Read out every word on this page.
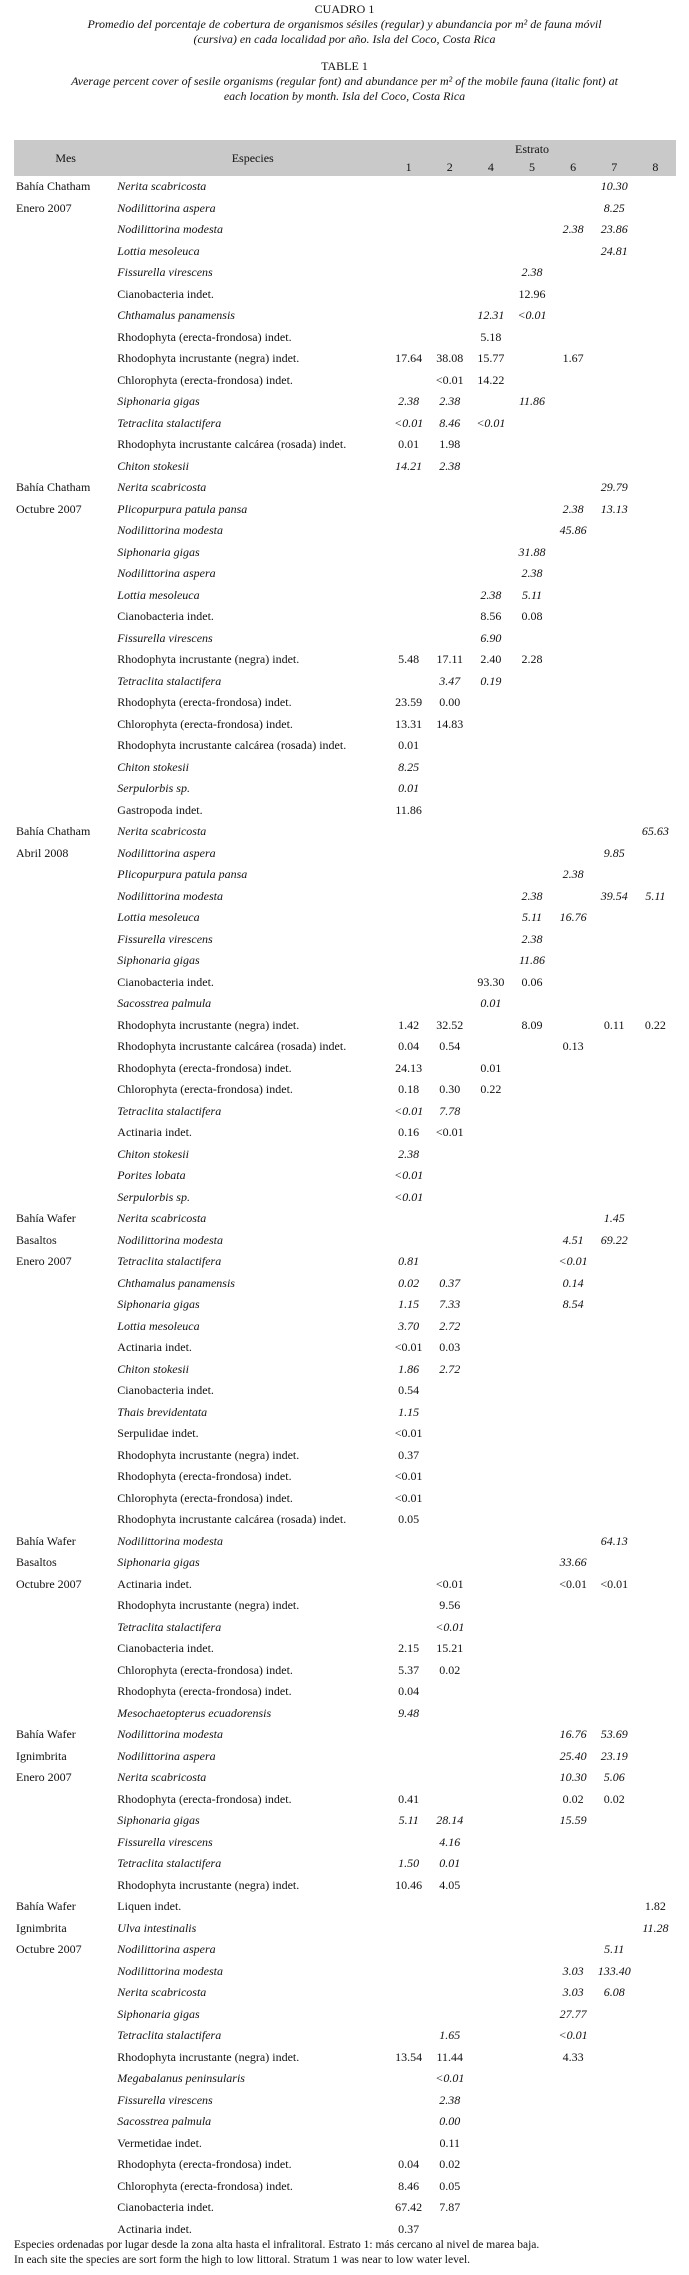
CUADRO 1
Promedio del porcentaje de cobertura de organismos sésiles (regular) y abundancia por m² de fauna móvil (cursiva) en cada localidad por año. Isla del Coco, Costa Rica
TABLE 1
Average percent cover of sesile organisms (regular font) and abundance per m² of the mobile fauna (italic font) at each location by month. Isla del Coco, Costa Rica
Mes	Especies	Estrato						
		1	2	4	5	6	7	8
Bahía Chatham	Nerita scabricosta						10.30	
Enero 2007	Nodilittorina aspera						8.25	
	Nodilittorina modesta					2.38	23.86	
	Lottia mesoleuca						24.81	
	Fissurella virescens				2.38			
	Cianobacteria indet.				12.96			
	Chthamalus panamensis			12.31	<0.01			
	Rhodophyta (erecta-frondosa) indet.			5.18				
	Rhodophyta incrustante (negra) indet.	17.64	38.08	15.77		1.67		
	Chlorophyta (erecta-frondosa) indet.		<0.01	14.22				
	Siphonaria gigas	2.38	2.38		11.86			
	Tetraclita stalactifera	<0.01	8.46	<0.01				
	Rhodophyta incrustante calcárea (rosada) indet.	0.01	1.98					
	Chiton stokesii	14.21	2.38					
Bahía Chatham	Nerita scabricosta						29.79	
Octubre 2007	Plicopurpura patula pansa					2.38	13.13	
	Nodilittorina modesta					45.86		
	Siphonaria gigas				31.88			
	Nodilittorina aspera				2.38			
	Lottia mesoleuca			2.38	5.11			
	Cianobacteria indet.			8.56	0.08			
	Fissurella virescens			6.90				
	Rhodophyta incrustante (negra) indet.	5.48	17.11	2.40	2.28			
	Tetraclita stalactifera		3.47	0.19				
	Rhodophyta (erecta-frondosa) indet.	23.59	0.00					
	Chlorophyta (erecta-frondosa) indet.	13.31	14.83					
	Rhodophyta incrustante calcárea (rosada) indet.	0.01						
	Chiton stokesii	8.25						
	Serpulorbis sp.	0.01						
	Gastropoda indet.	11.86						
Bahía Chatham	Nerita scabricosta							65.63
Abril 2008	Nodilittorina aspera						9.85	
	Plicopurpura patula pansa					2.38		
	Nodilittorina modesta				2.38		39.54	5.11
	Lottia mesoleuca				5.11	16.76		
	Fissurella virescens				2.38			
	Siphonaria gigas				11.86			
	Cianobacteria indet.			93.30	0.06			
	Sacosstrea palmula			0.01				
	Rhodophyta incrustante (negra) indet.	1.42	32.52		8.09		0.11	0.22
	Rhodophyta incrustante calcárea (rosada) indet.	0.04	0.54			0.13		
	Rhodophyta (erecta-frondosa) indet.	24.13		0.01				
	Chlorophyta (erecta-frondosa) indet.	0.18	0.30	0.22				
	Tetraclita stalactifera	<0.01	7.78					
	Actinaria indet.	0.16	<0.01					
	Chiton stokesii	2.38						
	Porites lobata	<0.01						
	Serpulorbis sp.	<0.01						
Bahía Wafer	Nerita scabricosta						1.45	
Basaltos	Nodilittorina modesta					4.51	69.22	
Enero 2007	Tetraclita stalactifera	0.81				<0.01		
	Chthamalus panamensis	0.02	0.37			0.14		
	Siphonaria gigas	1.15	7.33			8.54		
	Lottia mesoleuca	3.70	2.72					
	Actinaria indet.	<0.01	0.03					
	Chiton stokesii	1.86	2.72					
	Cianobacteria indet.	0.54						
	Thais brevidentata	1.15						
	Serpulidae indet.	<0.01						
	Rhodophyta incrustante (negra) indet.	0.37						
	Rhodophyta (erecta-frondosa) indet.	<0.01						
	Chlorophyta (erecta-frondosa) indet.	<0.01						
	Rhodophyta incrustante calcárea (rosada) indet.	0.05						
Bahía Wafer	Nodilittorina modesta						64.13	
Basaltos	Siphonaria gigas					33.66		
Octubre 2007	Actinaria indet.		<0.01			<0.01	<0.01	
	Rhodophyta incrustante (negra) indet.		9.56					
	Tetraclita stalactifera		<0.01					
	Cianobacteria indet.	2.15	15.21					
	Chlorophyta (erecta-frondosa) indet.	5.37	0.02					
	Rhodophyta (erecta-frondosa) indet.	0.04						
	Mesochaetopterus ecuadorensis	9.48						
Bahía Wafer	Nodilittorina modesta					16.76	53.69	
Ignimbrita	Nodilittorina aspera					25.40	23.19	
Enero 2007	Nerita scabricosta					10.30	5.06	
	Rhodophyta (erecta-frondosa) indet.	0.41				0.02	0.02	
	Siphonaria gigas	5.11	28.14			15.59		
	Fissurella virescens		4.16					
	Tetraclita stalactifera	1.50	0.01					
	Rhodophyta incrustante (negra) indet.	10.46	4.05					
Bahía Wafer	Liquen indet.							1.82
Ignimbrita	Ulva intestinalis							11.28
Octubre 2007	Nodilittorina aspera						5.11	
	Nodilittorina modesta					3.03	133.40	
	Nerita scabricosta					3.03	6.08	
	Siphonaria gigas					27.77		
	Tetraclita stalactifera		1.65			<0.01		
	Rhodophyta incrustante (negra) indet.	13.54	11.44			4.33		
	Megabalanus peninsularis		<0.01					
	Fissurella virescens		2.38					
	Sacosstrea palmula		0.00					
	Vermetidae indet.		0.11					
	Rhodophyta (erecta-frondosa) indet.	0.04	0.02					
	Chlorophyta (erecta-frondosa) indet.	8.46	0.05					
	Cianobacteria indet.	67.42	7.87					
	Actinaria indet.	0.37						
Especies ordenadas por lugar desde la zona alta hasta el infralitoral. Estrato 1: más cercano al nivel de marea baja.
In each site the species are sort form the high to low littoral. Stratum 1 was near to low water level.
